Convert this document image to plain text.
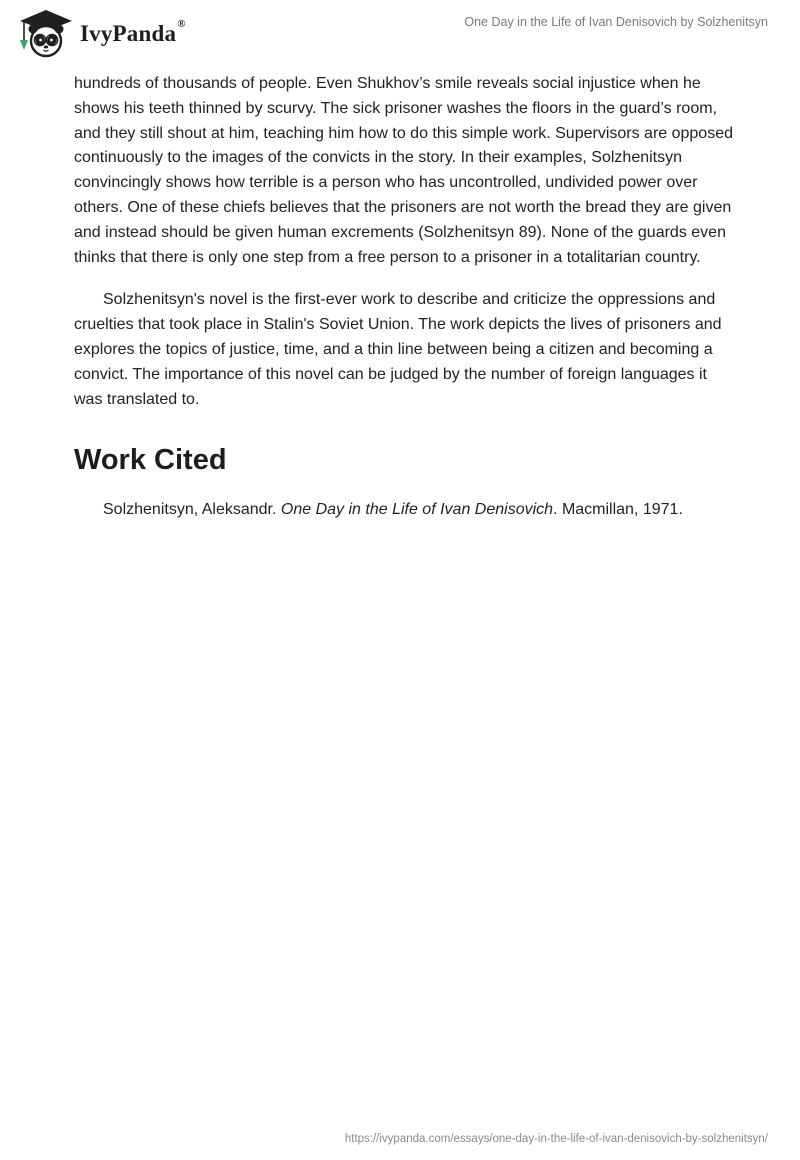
IvyPanda®	One Day in the Life of Ivan Denisovich by Solzhenitsyn

hundreds of thousands of people. Even Shukhov’s smile reveals social injustice when he shows his teeth thinned by scurvy. The sick prisoner washes the floors in the guard’s room, and they still shout at him, teaching him how to do this simple work. Supervisors are opposed continuously to the images of the convicts in the story. In their examples, Solzhenitsyn convincingly shows how terrible is a person who has uncontrolled, undivided power over others. One of these chiefs believes that the prisoners are not worth the bread they are given and instead should be given human excrements (Solzhenitsyn 89). None of the guards even thinks that there is only one step from a free person to a prisoner in a totalitarian country.

Solzhenitsyn's novel is the first-ever work to describe and criticize the oppressions and cruelties that took place in Stalin's Soviet Union. The work depicts the lives of prisoners and explores the topics of justice, time, and a thin line between being a citizen and becoming a convict. The importance of this novel can be judged by the number of foreign languages it was translated to.

Work Cited

Solzhenitsyn, Aleksandr. One Day in the Life of Ivan Denisovich. Macmillan, 1971.

https://ivypanda.com/essays/one-day-in-the-life-of-ivan-denisovich-by-solzhenitsyn/
